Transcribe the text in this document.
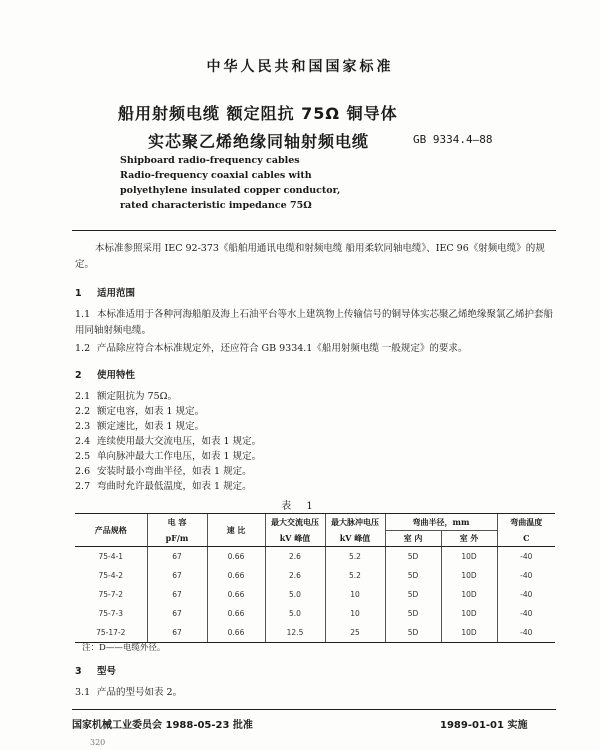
中华人民共和国国家标准
船用射频电缆 额定阻抗 75Ω 铜导体
实芯聚乙烯绝缘同轴射频电缆	GB 9334.4—88
Shipboard radio-frequency cables
Radio-frequency coaxial cables with
polyethylene insulated copper conductor,
rated characteristic impedance 75Ω
本标准参照采用 IEC 92-373《船舶用通讯电缆和射频电缆 船用柔软同轴电缆》、IEC 96《射频电缆》的规定。
1 适用范围
1.1 本标准适用于各种河海船舶及海上石油平台等水上建筑物上传输信号的铜导体实芯聚乙烯绝缘聚氯乙烯护套船用同轴射频电缆。
1.2 产品除应符合本标准规定外，还应符合 GB 9334.1《船用射频电缆 一般规定》的要求。
2 使用特性
2.1 额定阻抗为 75Ω。
2.2 额定电容，如表 1 规定。
2.3 额定速比，如表 1 规定。
2.4 连续使用最大交流电压，如表 1 规定。
2.5 单向脉冲最大工作电压，如表 1 规定。
2.6 安装时最小弯曲半径，如表 1 规定。
2.7 弯曲时允许最低温度，如表 1 规定。
表 1
产品规格	电 容	速 比	最大交流电压	最大脉冲电压	弯曲半径，mm		弯曲温度
	pF/m		kV 峰值	kV 峰值	室 内	室 外	C
75-4-1	67	0.66	2.6	5.2	5D	10D	-40
75-4-2	67	0.66	2.6	5.2	5D	10D	-40
75-7-2	67	0.66	5.0	10	5D	10D	-40
75-7-3	67	0.66	5.0	10	5D	10D	-40
75-17-2	67	0.66	12.5	25	5D	10D	-40
注：D——电缆外径。
3 型号
3.1 产品的型号如表 2。
国家机械工业委员会 1988-05-23 批准	1989-01-01 实施
320
